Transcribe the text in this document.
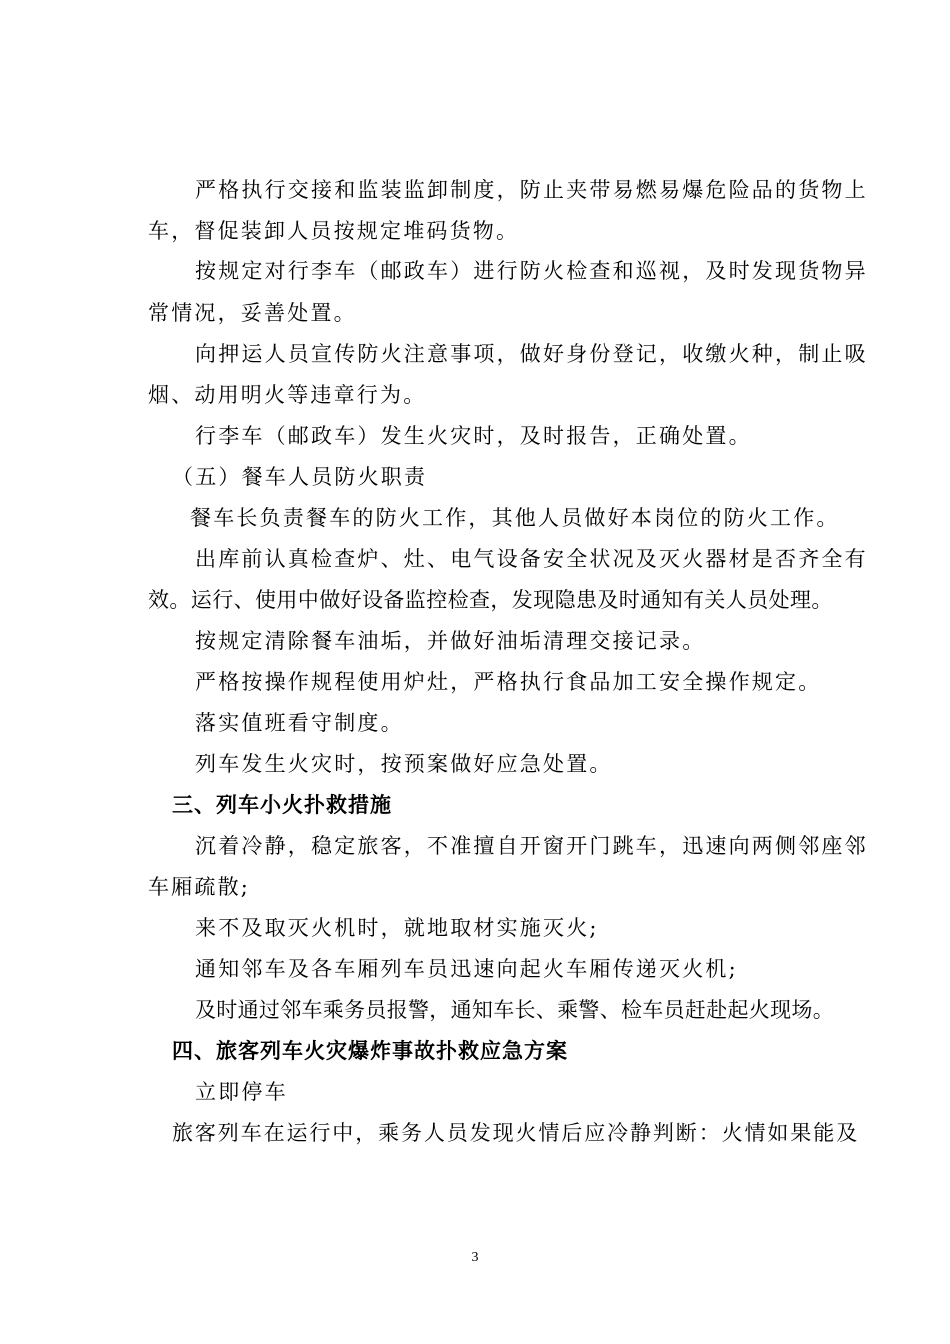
严格执行交接和监装监卸制度，防止夹带易燃易爆危险品的货物上
车，督促装卸人员按规定堆码货物。
按规定对行李车（邮政车）进行防火检查和巡视，及时发现货物异
常情况，妥善处置。
向押运人员宣传防火注意事项，做好身份登记，收缴火种，制止吸
烟、动用明火等违章行为。
行李车（邮政车）发生火灾时，及时报告，正确处置。
（五）餐车人员防火职责
餐车长负责餐车的防火工作，其他人员做好本岗位的防火工作。
出库前认真检查炉、灶、电气设备安全状况及灭火器材是否齐全有
效。运行、使用中做好设备监控检查，发现隐患及时通知有关人员处理。
按规定清除餐车油垢，并做好油垢清理交接记录。
严格按操作规程使用炉灶，严格执行食品加工安全操作规定。
落实值班看守制度。
列车发生火灾时，按预案做好应急处置。
三、列车小火扑救措施
沉着冷静，稳定旅客，不准擅自开窗开门跳车，迅速向两侧邻座邻
车厢疏散;
来不及取灭火机时，就地取材实施灭火;
通知邻车及各车厢列车员迅速向起火车厢传递灭火机;
及时通过邻车乘务员报警，通知车长、乘警、检车员赶赴起火现场。
四、旅客列车火灾爆炸事故扑救应急方案
立即停车
旅客列车在运行中，乘务人员发现火情后应冷静判断：火情如果能及
3
